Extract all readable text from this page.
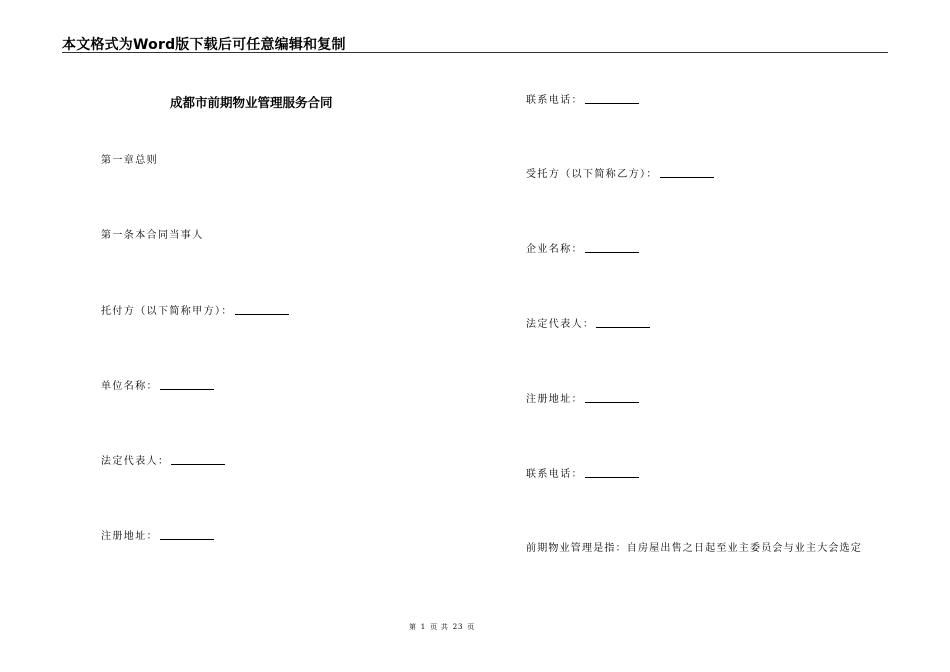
本文格式为Word版下载后可任意编辑和复制
成都市前期物业管理服务合同
第一章总则
第一条本合同当事人
托付方（以下简称甲方）：
单位名称：
法定代表人：
注册地址：
联系电话：
受托方（以下简称乙方）：
企业名称：
法定代表人：
注册地址：
联系电话：
前期物业管理是指：自房屋出售之日起至业主委员会与业主大会选定
第 1 页 共 23 页
